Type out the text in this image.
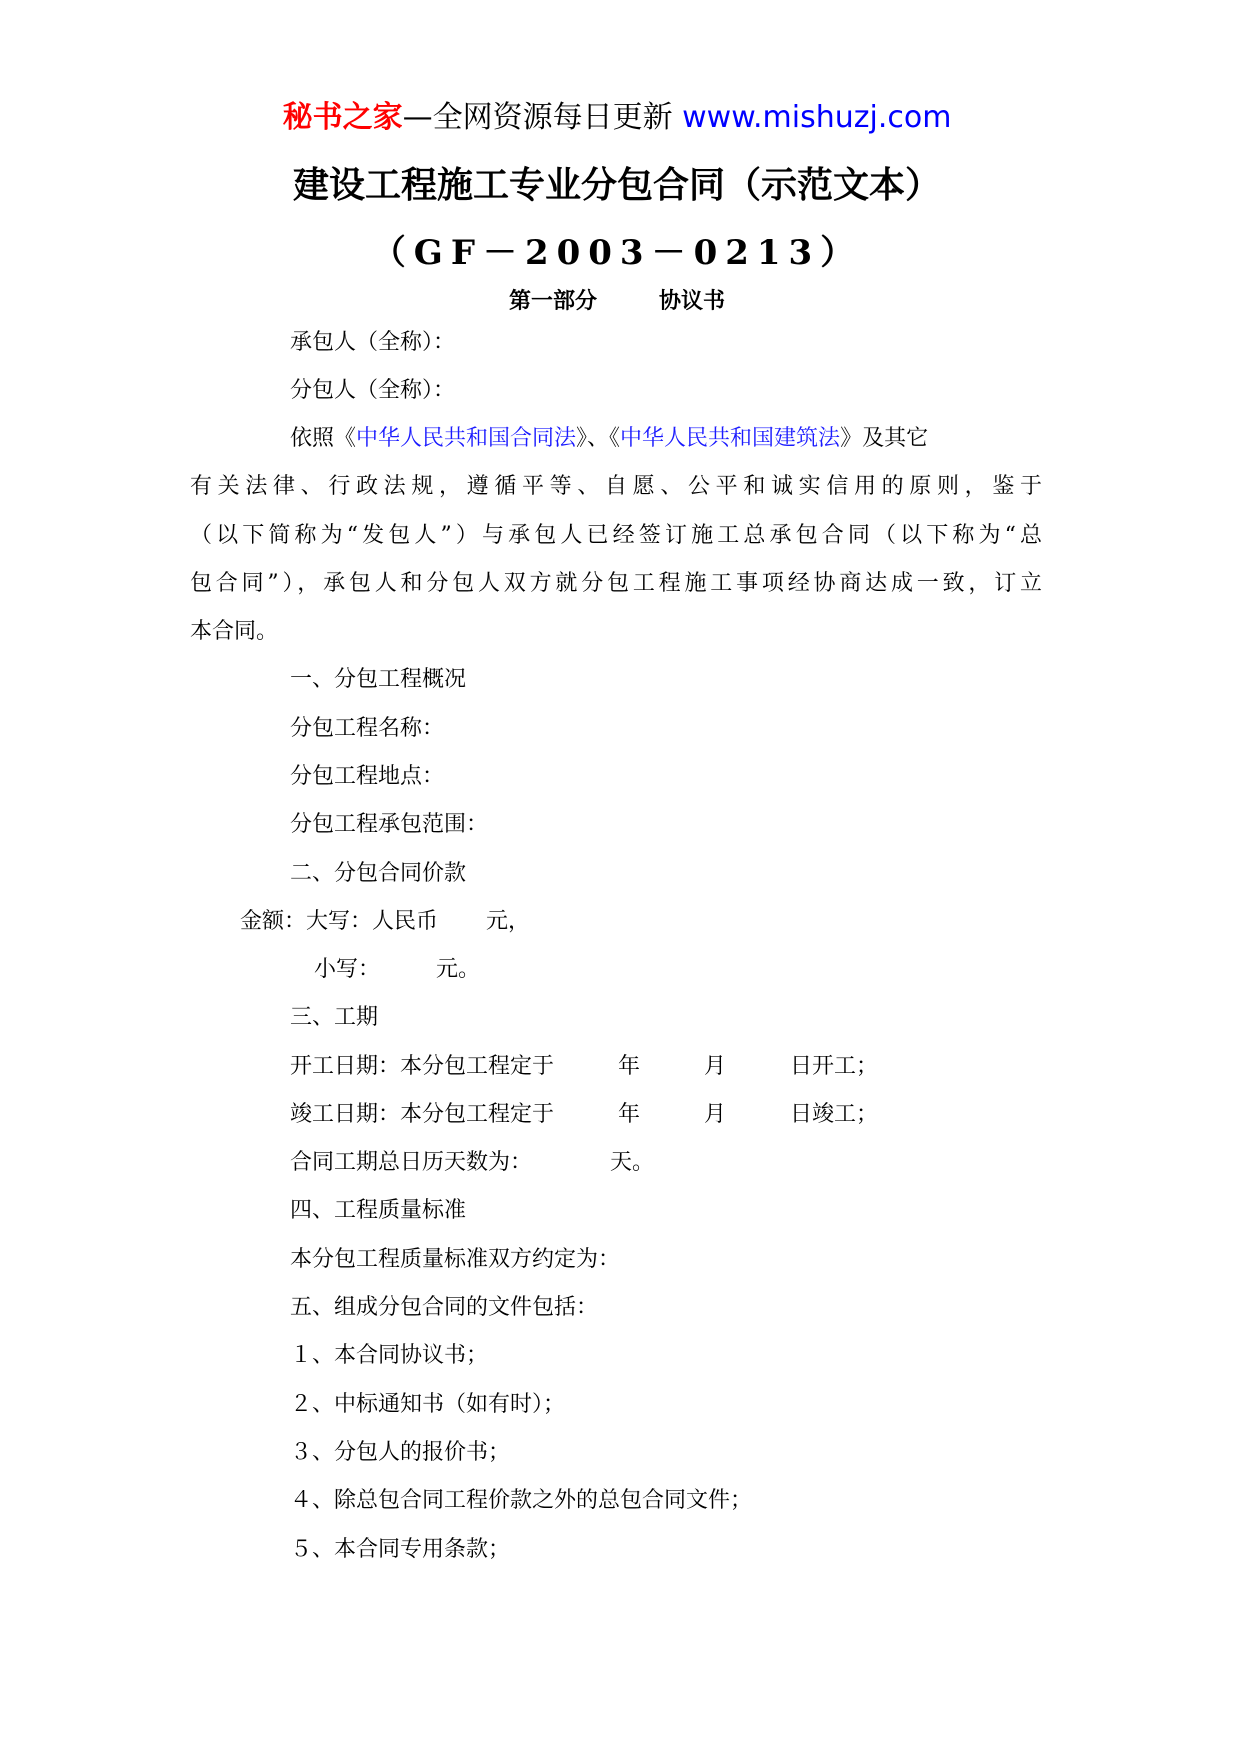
秘书之家—全网资源每日更新 www.mishuzj.com
建设工程施工专业分包合同（示范文本）
（GF－2003－0213）
第一部分	协议书
承包人（全称）：
分包人（全称）：
依照《中华人民共和国合同法》、《中华人民共和国建筑法》及其它
有关法律、行政法规，遵循平等、自愿、公平和诚实信用的原则，鉴于
（以下简称为“发包人”）与承包人已经签订施工总承包合同（以下称为“总
包合同”），承包人和分包人双方就分包工程施工事项经协商达成一致，订立
本合同。
一、分包工程概况
分包工程名称：
分包工程地点：
分包工程承包范围：
二、分包合同价款
金额：大写：人民币 元，
小写：	元。
三、工期
开工日期：本分包工程定于	年	月	日开工；
竣工日期：本分包工程定于	年	月	日竣工；
合同工期总日历天数为：	天。
四、工程质量标准
本分包工程质量标准双方约定为：
五、组成分包合同的文件包括：
１、本合同协议书；
２、中标通知书（如有时）；
３、分包人的报价书；
４、除总包合同工程价款之外的总包合同文件；
５、本合同专用条款；
